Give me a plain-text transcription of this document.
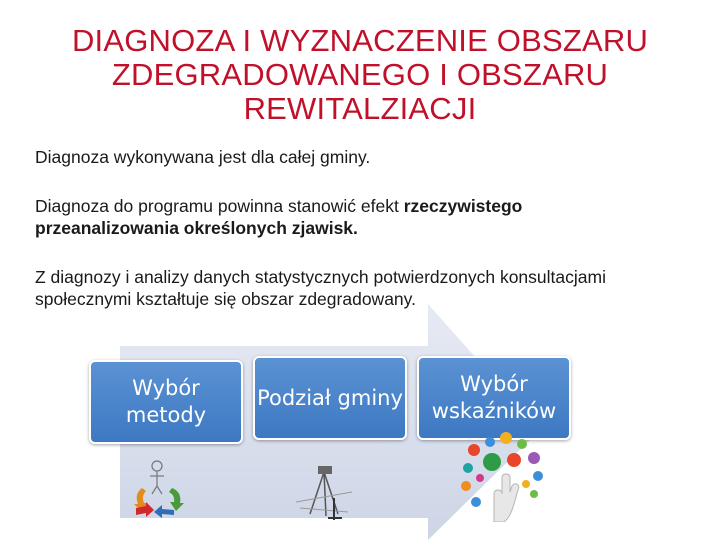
DIAGNOZA I WYZNACZENIE OBSZARU ZDEGRADOWANEGO I OBSZARU REWITALZIACJI
Diagnoza wykonywana jest dla całej gminy.
Diagnoza do programu powinna stanowić efekt rzeczywistego przeanalizowania określonych zjawisk.
Z diagnozy i analizy danych statystycznych potwierdzonych konsultacjami społecznymi kształtuje się obszar zdegradowany.
Wybór metody
Podział gminy
Wybór wskaźników
